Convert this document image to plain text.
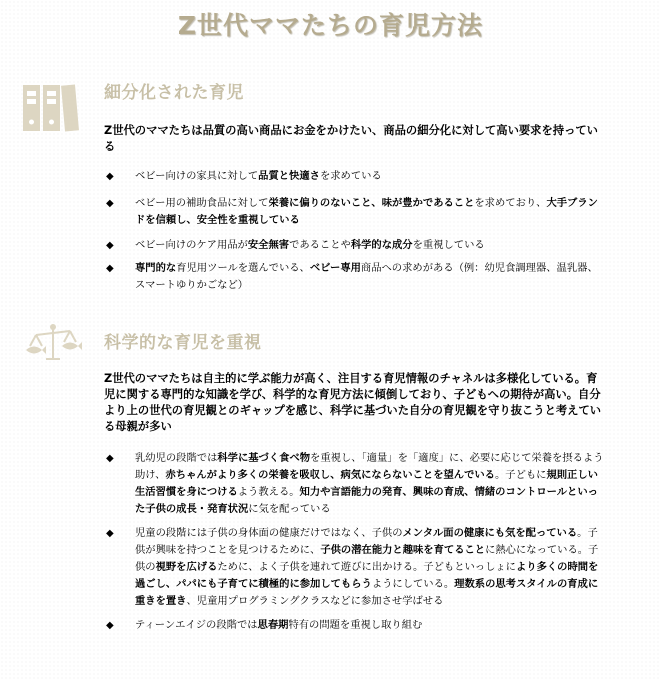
Z世代ママたちの育児方法
細分化された育児
Z世代のママたちは品質の高い商品にお金をかけたい、商品の細分化に対して高い要求を持っている
◆ ベビー向けの家具に対して品質と快適さを求めている
◆ ベビー用の補助食品に対して栄養に偏りのないこと、味が豊かであることを求めており、大手ブランドを信頼し、安全性を重視している
◆ ベビー向けのケア用品が安全無害であることや科学的な成分を重視している
◆ 専門的な育児用ツールを選んでいる、ベビー専用商品への求めがある（例：幼児食調理器、温乳器、スマートゆりかごなど）
科学的な育児を重視
Z世代のママたちは自主的に学ぶ能力が高く、注目する育児情報のチャネルは多様化している。育児に関する専門的な知識を学び、科学的な育児方法に傾倒しており、子どもへの期待が高い。自分より上の世代の育児観とのギャップを感じ、科学に基づいた自分の育児観を守り抜こうと考えている母親が多い
◆ 乳幼児の段階では科学に基づく食べ物を重視し、「適量」を「適度」に、必要に応じて栄養を摂るよう助け、赤ちゃんがより多くの栄養を吸収し、病気にならないことを望んでいる。子どもに規則正しい生活習慣を身につけるよう教える。知力や言語能力の発育、興味の育成、情緒のコントロールといった子供の成長・発育状況に気を配っている
◆ 児童の段階には子供の身体面の健康だけではなく、子供のメンタル面の健康にも気を配っている。子供が興味を持つことを見つけるために、子供の潜在能力と趣味を育てることに熱心になっている。子供の視野を広げるために、よく子供を連れて遊びに出かける。子どもといっしょにより多くの時間を過ごし、パパにも子育てに積極的に参加してもらうようにしている。理数系の思考スタイルの育成に重きを置き、児童用プログラミングクラスなどに参加させ学ばせる
◆ ティーンエイジの段階では思春期特有の問題を重視し取り組む
